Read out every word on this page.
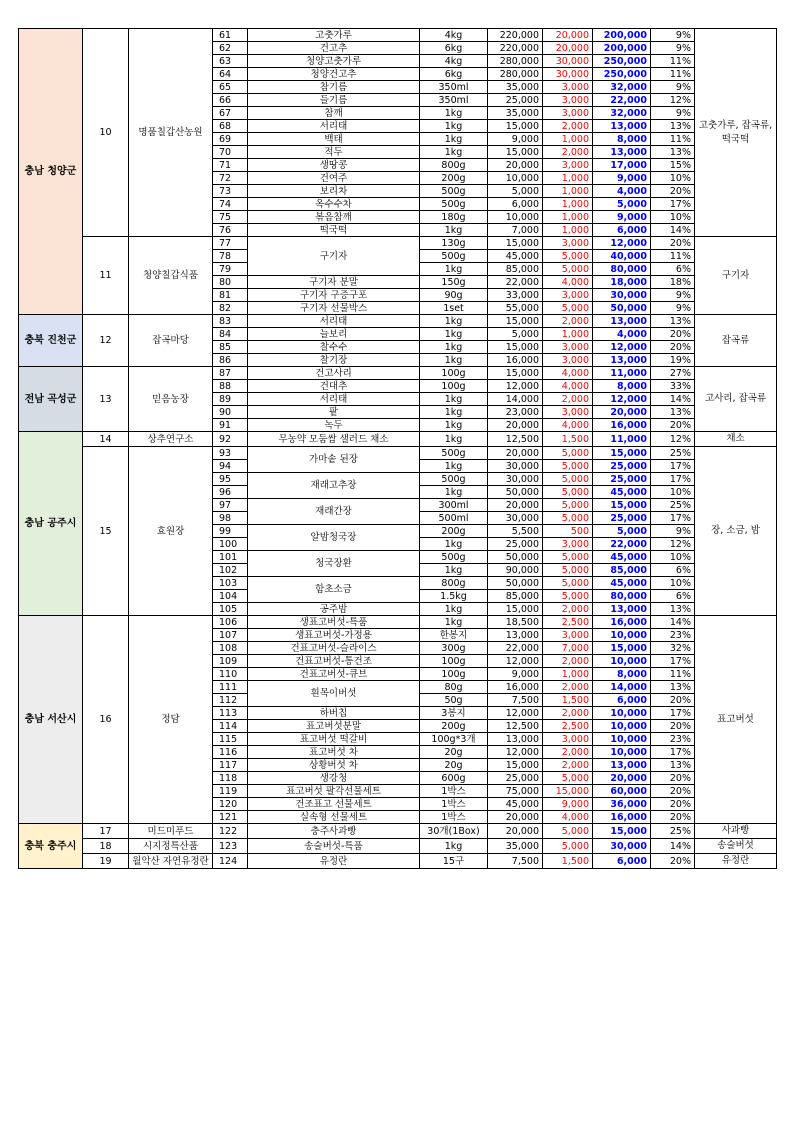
충남 청양군	10	명품칠갑산농원	61	고춧가루	4kg	220,000	20,000	200,000	9%	고춧가루, 잡곡류, 떡국떡
			62	건고추	6kg	220,000	20,000	200,000	9%	
			63	청양고춧가루	4kg	280,000	30,000	250,000	11%	
			64	청양건고추	6kg	280,000	30,000	250,000	11%	
			65	참기름	350ml	35,000	3,000	32,000	9%	
			66	들기름	350ml	25,000	3,000	22,000	12%	
			67	참깨	1kg	35,000	3,000	32,000	9%	
			68	서리태	1kg	15,000	2,000	13,000	13%	
			69	백태	1kg	9,000	1,000	8,000	11%	
			70	적두	1kg	15,000	2,000	13,000	13%	
			71	생땅콩	800g	20,000	3,000	17,000	15%	
			72	건여주	200g	10,000	1,000	9,000	10%	
			73	보리차	500g	5,000	1,000	4,000	20%	
			74	옥수수차	500g	6,000	1,000	5,000	17%	
			75	볶음참깨	180g	10,000	1,000	9,000	10%	
			76	떡국떡	1kg	7,000	1,000	6,000	14%	
	11	청양칠갑식품	77	구기자	130g	15,000	3,000	12,000	20%	구기자
			78		500g	45,000	5,000	40,000	11%	
			79		1kg	85,000	5,000	80,000	6%	
			80	구기자 분말	150g	22,000	4,000	18,000	18%	
			81	구기자 구증구포	90g	33,000	3,000	30,000	9%	
			82	구기자 선물박스	1set	55,000	5,000	50,000	9%	
충북 진천군	12	잡곡마당	83	서리태	1kg	15,000	2,000	13,000	13%	잡곡류
			84	늘보리	1kg	5,000	1,000	4,000	20%	
			85	찰수수	1kg	15,000	3,000	12,000	20%	
			86	찰기장	1kg	16,000	3,000	13,000	19%	
전남 곡성군	13	믿음농장	87	건고사리	100g	15,000	4,000	11,000	27%	고사리, 잡곡류
			88	건대추	100g	12,000	4,000	8,000	33%	
			89	서리태	1kg	14,000	2,000	12,000	14%	
			90	팥	1kg	23,000	3,000	20,000	13%	
			91	녹두	1kg	20,000	4,000	16,000	20%	
충남 공주시	14	상추연구소	92	무농약 모둠쌈 샐러드 채소	1kg	12,500	1,500	11,000	12%	채소
	15	효원장	93	가마솥 된장	500g	20,000	5,000	15,000	25%	장, 소금, 밤
			94		1kg	30,000	5,000	25,000	17%	
			95	재래고추장	500g	30,000	5,000	25,000	17%	
			96		1kg	50,000	5,000	45,000	10%	
			97	재래간장	300ml	20,000	5,000	15,000	25%	
			98		500ml	30,000	5,000	25,000	17%	
			99	알밤청국장	200g	5,500	500	5,000	9%	
			100		1kg	25,000	3,000	22,000	12%	
			101	청국장환	500g	50,000	5,000	45,000	10%	
			102		1kg	90,000	5,000	85,000	6%	
			103	함초소금	800g	50,000	5,000	45,000	10%	
			104		1.5kg	85,000	5,000	80,000	6%	
			105	공주밤	1kg	15,000	2,000	13,000	13%	
충남 서산시	16	정담	106	생표고버섯-특품	1kg	18,500	2,500	16,000	14%	표고버섯
			107	생표고버섯-가정용	한봉지	13,000	3,000	10,000	23%	
			108	건표고버섯-슬라이스	300g	22,000	7,000	15,000	32%	
			109	건표고버섯-통건조	100g	12,000	2,000	10,000	17%	
			110	건표고버섯-큐브	100g	9,000	1,000	8,000	11%	
			111	흰목이버섯	80g	16,000	2,000	14,000	13%	
			112		50g	7,500	1,500	6,000	20%	
			113	하버칩	3봉지	12,000	2,000	10,000	17%	
			114	표고버섯분말	200g	12,500	2,500	10,000	20%	
			115	표고버섯 떡갈비	100g*3개	13,000	3,000	10,000	23%	
			116	표고버섯 차	20g	12,000	2,000	10,000	17%	
			117	상황버섯 차	20g	15,000	2,000	13,000	13%	
			118	생강청	600g	25,000	5,000	20,000	20%	
			119	표고버섯 팔각선물세트	1박스	75,000	15,000	60,000	20%	
			120	건조표고 선물세트	1박스	45,000	9,000	36,000	20%	
			121	실속형 선물세트	1박스	20,000	4,000	16,000	20%	
충북 충주시	17	미드미푸드	122	충주사과빵	30개(1Box)	20,000	5,000	15,000	25%	사과빵
	18	시지정특산품	123	송술버섯-특품	1kg	35,000	5,000	30,000	14%	송술버섯
	19	월악산 자연유정란	124	유정란	15구	7,500	1,500	6,000	20%	유정란
